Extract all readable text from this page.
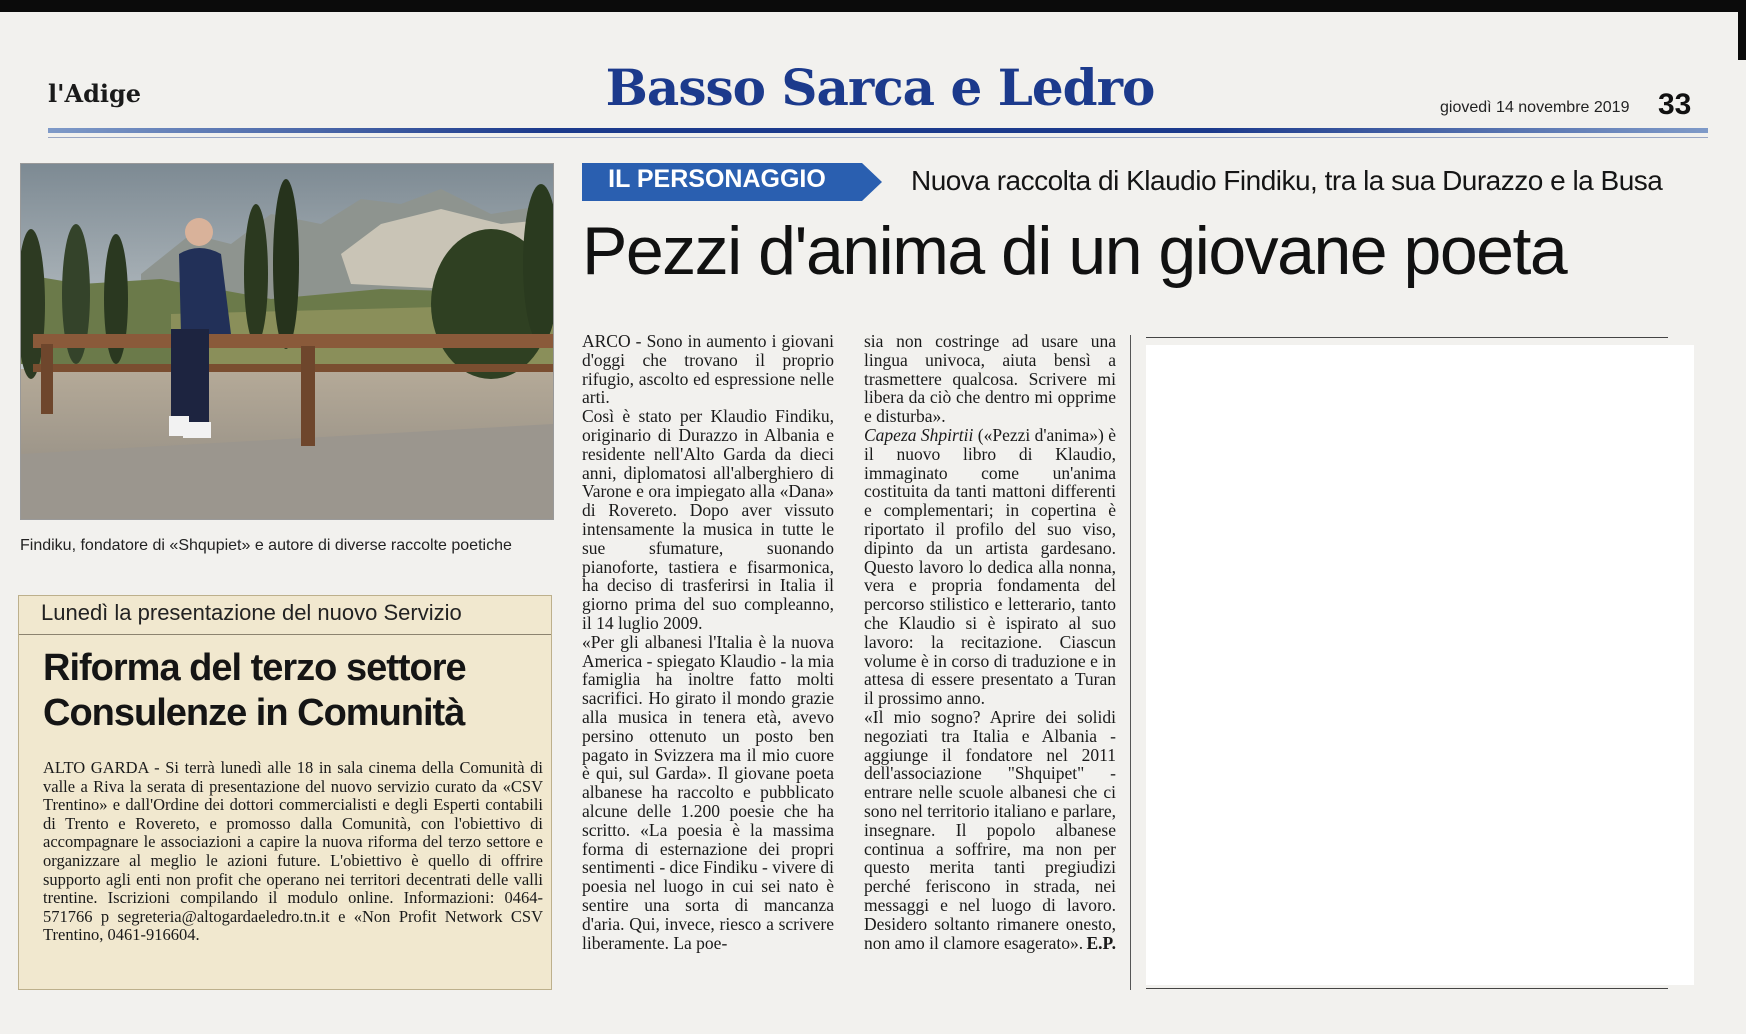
l'Adige	Basso Sarca e Ledro	giovedì 14 novembre 2019 33
Findiku, fondatore di «Shqupiet» e autore di diverse raccolte poetiche
Lunedì la presentazione del nuovo Servizio
Riforma del terzo settore
Consulenze in Comunità
ALTO GARDA - Si terrà lunedì alle 18 in sala cinema della Comunità di valle a Riva la serata di presentazione del nuovo servizio curato da «CSV Trentino» e dall'Ordine dei dottori commercialisti e degli Esperti contabili di Trento e Rovereto, e promosso dalla Comunità, con l'obiettivo di accompagnare le associazioni a capire la nuova riforma del terzo settore e organizzare al meglio le azioni future. L'obiettivo è quello di offrire supporto agli enti non profit che operano nei territori decentrati delle valli trentine. Iscrizioni compilando il modulo online. Informazioni: 0464-571766 p segreteria@altogardaeledro.tn.it e «Non Profit Network CSV Trentino, 0461-916604.
IL PERSONAGGIO	Nuova raccolta di Klaudio Findiku, tra la sua Durazzo e la Busa
Pezzi d'anima di un giovane poeta

ARCO - Sono in aumento i giovani d'oggi che trovano il proprio rifugio, ascolto ed espressione nelle arti.

Così è stato per Klaudio Findiku, originario di Durazzo in Albania e residente nell'Alto Garda da dieci anni, diplomatosi all'alberghiero di Varone e ora impiegato alla «Dana» di Rovereto. Dopo aver vissuto intensamente la musica in tutte le sue sfumature, suonando pianoforte, tastiera e fisarmonica, ha deciso di trasferirsi in Italia il giorno prima del suo compleanno, il 14 luglio 2009.

«Per gli albanesi l'Italia è la nuova America - spiegato Klaudio - la mia famiglia ha inoltre fatto molti sacrifici. Ho girato il mondo grazie alla musica in tenera età, avevo persino ottenuto un posto ben pagato in Svizzera ma il mio cuore è qui, sul Garda». Il giovane poeta albanese ha raccolto e pubblicato alcune delle 1.200 poesie che ha scritto. «La poesia è la massima forma di esternazione dei propri sentimenti - dice Findiku - vivere di poesia nel luogo in cui sei nato è sentire una sorta di mancanza d'aria. Qui, invece, riesco a scrivere liberamente. La poe-

sia non costringe ad usare una lingua univoca, aiuta bensì a trasmettere qualcosa. Scrivere mi libera da ciò che dentro mi opprime e disturba».

Capeza Shpirtii («Pezzi d'anima») è il nuovo libro di Klaudio, immaginato come un'anima costituita da tanti mattoni differenti e complementari; in copertina è riportato il profilo del suo viso, dipinto da un artista gardesano. Questo lavoro lo dedica alla nonna, vera e propria fondamenta del percorso stilistico e letterario, tanto che Klaudio si è ispirato al suo lavoro: la recitazione. Ciascun volume è in corso di traduzione e in attesa di essere presentato a Turan il prossimo anno.

«Il mio sogno? Aprire dei solidi negoziati tra Italia e Albania - aggiunge il fondatore nel 2011 dell'associazione "Shquipet" - entrare nelle scuole albanesi che ci sono nel territorio italiano e parlare, insegnare. Il popolo albanese continua a soffrire, ma non per questo merita tanti pregiudizi perché feriscono in strada, nei messaggi e nel luogo di lavoro. Desidero soltanto rimanere onesto, non amo il clamore esagerato». E.P.
